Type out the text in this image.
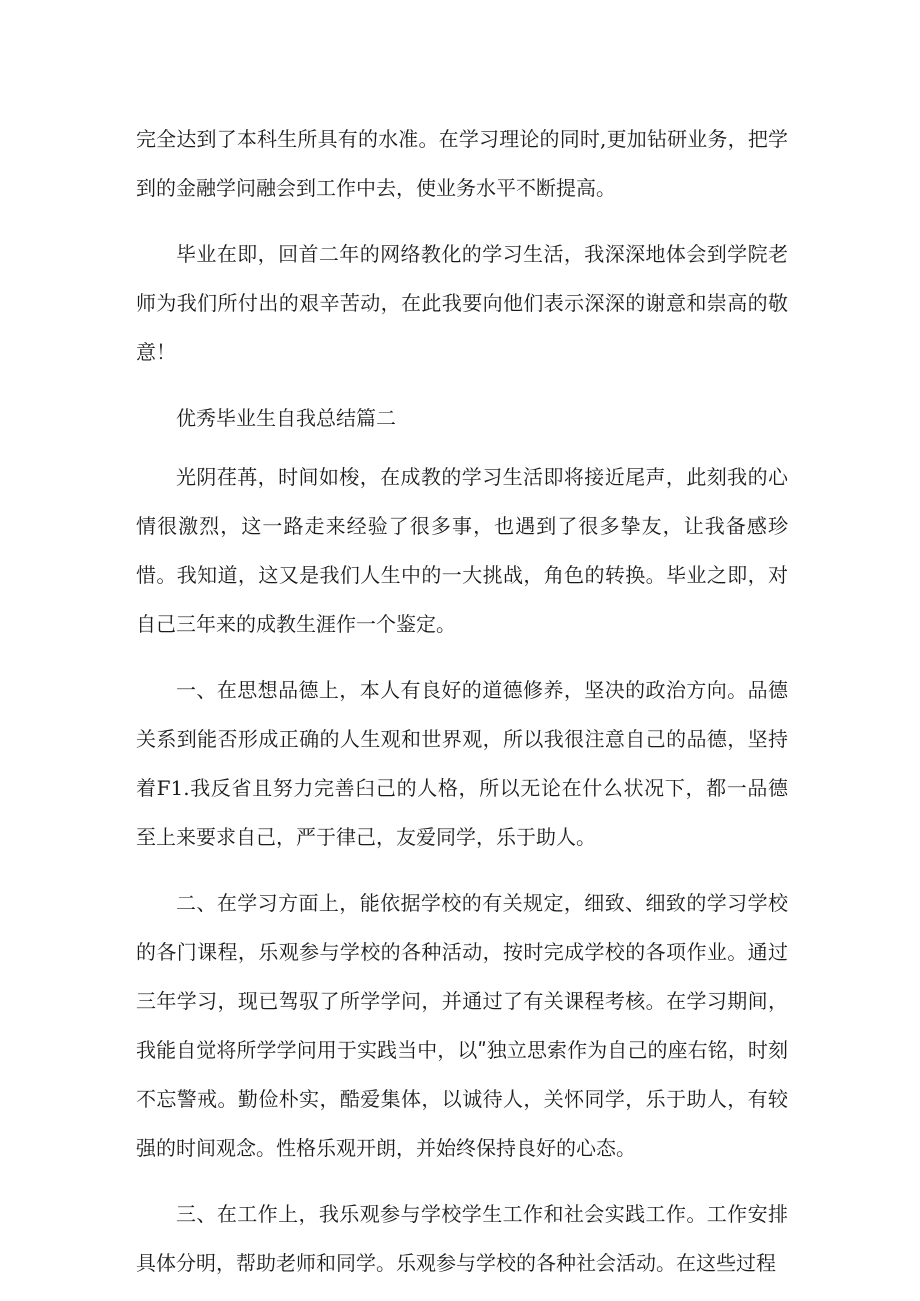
完全达到了本科生所具有的水准。在学习理论的同时,更加钻研业务，把学到的金融学问融会到工作中去，使业务水平不断提高。

毕业在即，回首二年的网络教化的学习生活，我深深地体会到学院老师为我们所付出的艰辛苦动，在此我要向他们表示深深的谢意和崇高的敬意！

优秀毕业生自我总结篇二

光阴荏苒，时间如梭，在成教的学习生活即将接近尾声，此刻我的心情很激烈，这一路走来经验了很多事，也遇到了很多挚友，让我备感珍惜。我知道，这又是我们人生中的一大挑战，角色的转换。毕业之即，对自己三年来的成教生涯作一个鉴定。

一、在思想品德上，本人有良好的道德修养，坚决的政治方向。品德关系到能否形成正确的人生观和世界观，所以我很注意自己的品德，坚持着F1.我反省且努力完善臼己的人格，所以无论在什么状况下，都一品德至上来要求自己，严于律己，友爱同学，乐于助人。

二、在学习方面上，能依据学校的有关规定，细致、细致的学习学校的各门课程，乐观参与学校的各种活动，按时完成学校的各项作业。通过三年学习，现已驾驭了所学学问，并通过了有关课程考核。在学习期间，我能自觉将所学学问用于实践当中，以ʺ独立思索作为自己的座右铭，时刻不忘警戒。勤俭朴实，酷爱集体，以诚待人，关怀同学，乐于助人，有较强的时间观念。性格乐观开朗，并始终保持良好的心态。

三、在工作上，我乐观参与学校学生工作和社会实践工作。工作安排具体分明，帮助老师和同学。乐观参与学校的各种社会活动。在这些过程
